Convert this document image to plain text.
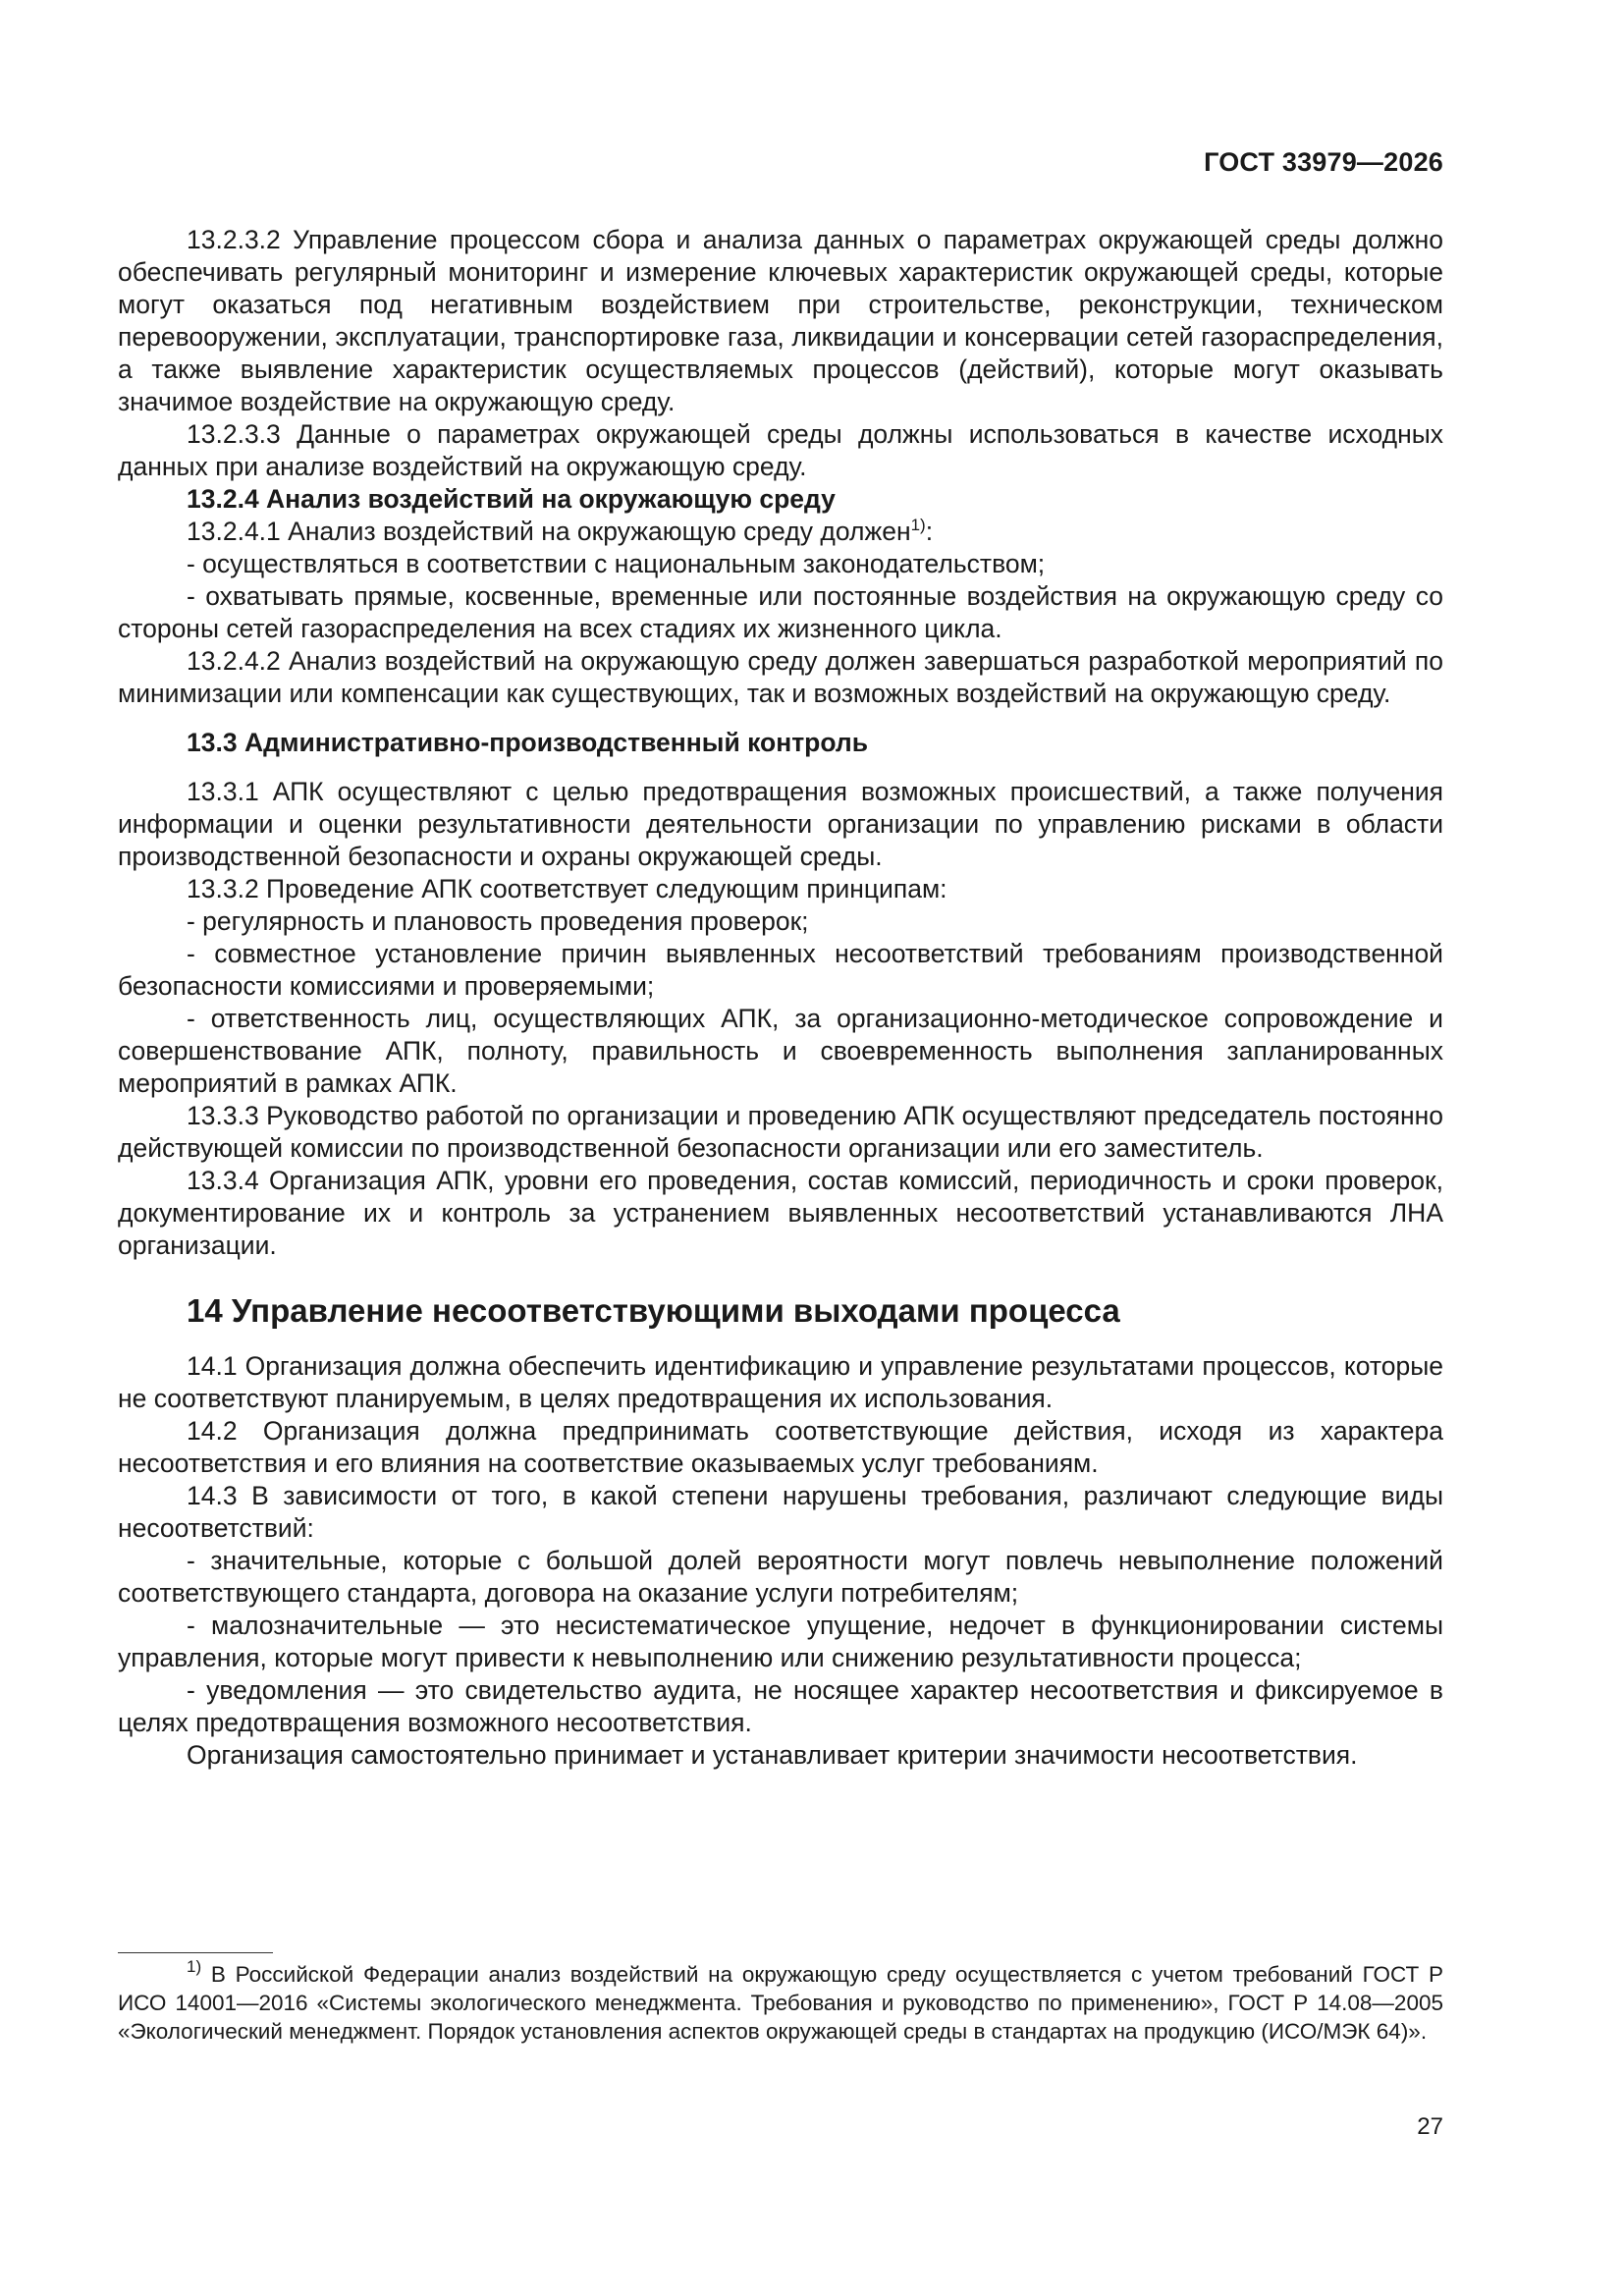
ГОСТ 33979—2026

13.2.3.2 Управление процессом сбора и анализа данных о параметрах окружающей среды должно обеспечивать регулярный мониторинг и измерение ключевых характеристик окружающей среды, которые могут оказаться под негативным воздействием при строительстве, реконструкции, техническом перевооружении, эксплуатации, транспортировке газа, ликвидации и консервации сетей газораспределения, а также выявление характеристик осуществляемых процессов (действий), которые могут оказывать значимое воздействие на окружающую среду.

13.2.3.3 Данные о параметрах окружающей среды должны использоваться в качестве исходных данных при анализе воздействий на окружающую среду.

13.2.4 Анализ воздействий на окружающую среду

13.2.4.1 Анализ воздействий на окружающую среду должен$^{1)}$:

- осуществляться в соответствии с национальным законодательством;

- охватывать прямые, косвенные, временные или постоянные воздействия на окружающую среду со стороны сетей газораспределения на всех стадиях их жизненного цикла.

13.2.4.2 Анализ воздействий на окружающую среду должен завершаться разработкой мероприятий по минимизации или компенсации как существующих, так и возможных воздействий на окружающую среду.

13.3 Административно-производственный контроль

13.3.1 АПК осуществляют с целью предотвращения возможных происшествий, а также получения информации и оценки результативности деятельности организации по управлению рисками в области производственной безопасности и охраны окружающей среды.

13.3.2 Проведение АПК соответствует следующим принципам:

- регулярность и плановость проведения проверок;

- совместное установление причин выявленных несоответствий требованиям производственной безопасности комиссиями и проверяемыми;

- ответственность лиц, осуществляющих АПК, за организационно-методическое сопровождение и совершенствование АПК, полноту, правильность и своевременность выполнения запланированных мероприятий в рамках АПК.

13.3.3 Руководство работой по организации и проведению АПК осуществляют председатель постоянно действующей комиссии по производственной безопасности организации или его заместитель.

13.3.4 Организация АПК, уровни его проведения, состав комиссий, периодичность и сроки проверок, документирование их и контроль за устранением выявленных несоответствий устанавливаются ЛНА организации.

14 Управление несоответствующими выходами процесса

14.1 Организация должна обеспечить идентификацию и управление результатами процессов, которые не соответствуют планируемым, в целях предотвращения их использования.

14.2 Организация должна предпринимать соответствующие действия, исходя из характера несоответствия и его влияния на соответствие оказываемых услуг требованиям.

14.3 В зависимости от того, в какой степени нарушены требования, различают следующие виды несоответствий:

- значительные, которые с большой долей вероятности могут повлечь невыполнение положений соответствующего стандарта, договора на оказание услуги потребителям;

- малозначительные — это несистематическое упущение, недочет в функционировании системы управления, которые могут привести к невыполнению или снижению результативности процесса;

- уведомления — это свидетельство аудита, не носящее характер несоответствия и фиксируемое в целях предотвращения возможного несоответствия.

Организация самостоятельно принимает и устанавливает критерии значимости несоответствия.

$^{1)}$ В Российской Федерации анализ воздействий на окружающую среду осуществляется с учетом требований ГОСТ Р ИСО 14001—2016 «Системы экологического менеджмента. Требования и руководство по применению», ГОСТ Р 14.08—2005 «Экологический менеджмент. Порядок установления аспектов окружающей среды в стандартах на продукцию (ИСО/МЭК 64)».

27
